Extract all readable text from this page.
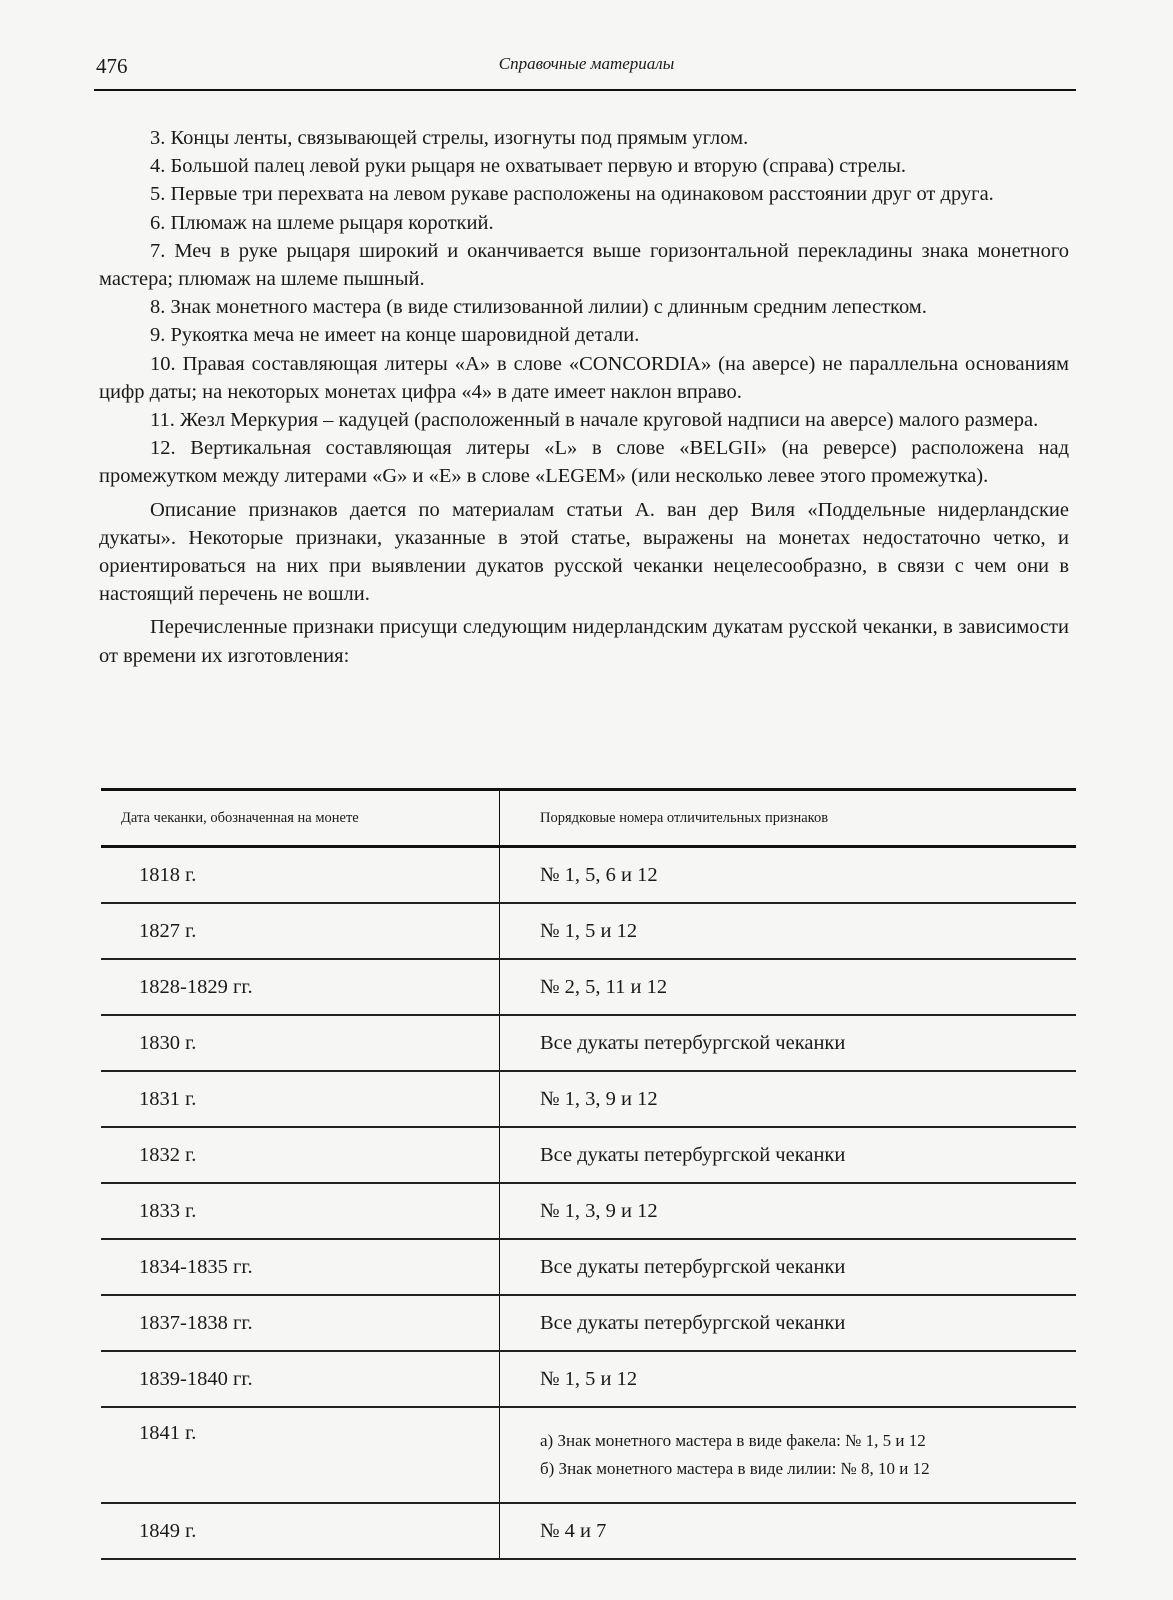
476	Справочные материалы

3. Концы ленты, связывающей стрелы, изогнуты под прямым углом.

4. Большой палец левой руки рыцаря не охватывает первую и вторую (справа) стрелы.

5. Первые три перехвата на левом рукаве расположены на одинаковом расстоянии друг от друга.

6. Плюмаж на шлеме рыцаря короткий.

7. Меч в руке рыцаря широкий и оканчивается выше горизонтальной перекладины знака монетного мастера; плюмаж на шлеме пышный.

8. Знак монетного мастера (в виде стилизованной лилии) с длинным средним лепестком.

9. Рукоятка меча не имеет на конце шаровидной детали.

10. Правая составляющая литеры «А» в слове «CONCORDIA» (на аверсе) не параллельна основаниям цифр даты; на некоторых монетах цифра «4» в дате имеет наклон вправо.

11. Жезл Меркурия – кадуцей (расположенный в начале круговой надписи на аверсе) малого размера.

12. Вертикальная составляющая литеры «L» в слове «BELGII» (на реверсе) расположена над промежутком между литерами «G» и «E» в слове «LEGEM» (или несколько левее этого промежутка).

Описание признаков дается по материалам статьи А. ван дер Виля «Поддельные нидерландские дукаты». Некоторые признаки, указанные в этой статье, выражены на монетах недостаточно четко, и ориентироваться на них при выявлении дукатов русской чеканки нецелесообразно, в связи с чем они в настоящий перечень не вошли.

Перечисленные признаки присущи следующим нидерландским дукатам русской чеканки, в зависимости от времени их изготовления:

Дата чеканки, обозначенная на монете	Порядковые номера отличительных признаков
1818 г.	№ 1, 5, 6 и 12
1827 г.	№ 1, 5 и 12
1828-1829 гг.	№ 2, 5, 11 и 12
1830 г.	Все дукаты петербургской чеканки
1831 г.	№ 1, 3, 9 и 12
1832 г.	Все дукаты петербургской чеканки
1833 г.	№ 1, 3, 9 и 12
1834-1835 гг.	Все дукаты петербургской чеканки
1837-1838 гг.	Все дукаты петербургской чеканки
1839-1840 гг.	№ 1, 5 и 12
1841 г.	а) Знак монетного мастера в виде факела: № 1, 5 и 12
б) Знак монетного мастера в виде лилии: № 8, 10 и 12

1849 г.	№ 4 и 7
